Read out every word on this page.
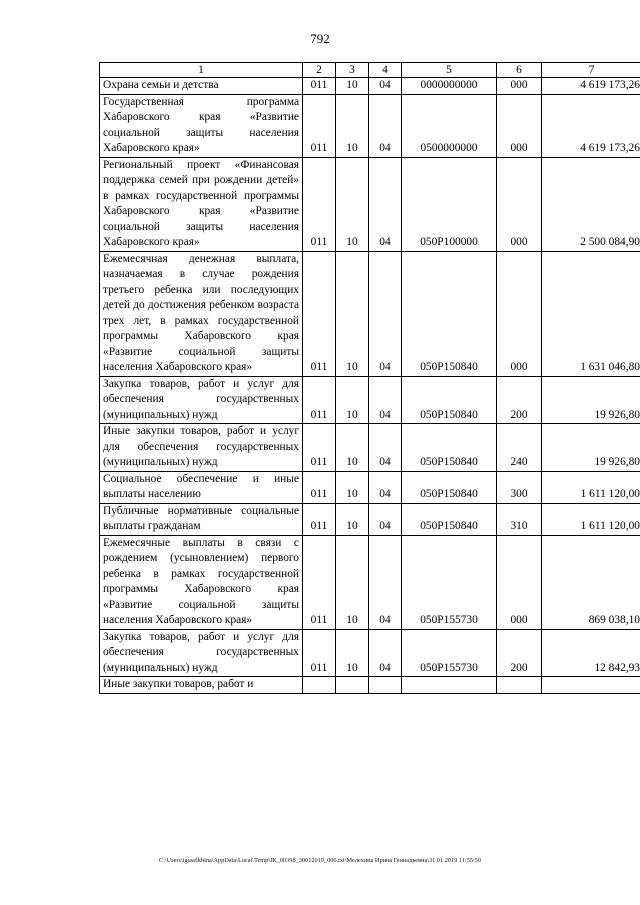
792
1	2	3	4	5	6	7
Охрана семьи и детства	011	10	04	0000000000	000	4 619 173,26
Государственная программа Хабаровского края «Развитие социальной защиты населения Хабаровского края»	011	10	04	0500000000	000	4 619 173,26
Региональный проект «Финансовая поддержка семей при рождении детей» в рамках государственной программы Хабаровского края «Развитие социальной защиты населения Хабаровского края»	011	10	04	050P100000	000	2 500 084,90
Ежемесячная денежная выплата, назначаемая в случае рождения третьего ребенка или последующих детей до достижения ребенком возраста трех лет, в рамках государственной программы Хабаровского края «Развитие социальной защиты населения Хабаровского края»	011	10	04	050P150840	000	1 631 046,80
Закупка товаров, работ и услуг для обеспечения государственных (муниципальных) нужд	011	10	04	050P150840	200	19 926,80
Иные закупки товаров, работ и услуг для обеспечения государственных (муниципальных) нужд	011	10	04	050P150840	240	19 926,80
Социальное обеспечение и иные выплаты населению	011	10	04	050P150840	300	1 611 120,00
Публичные нормативные социальные выплаты гражданам	011	10	04	050P150840	310	1 611 120,00
Ежемесячные выплаты в связи с рождением (усыновлением) первого ребенка в рамках государственной программы Хабаровского края «Развитие социальной защиты населения Хабаровского края»	011	10	04	050P155730	000	869 038,10
Закупка товаров, работ и услуг для обеспечения государственных (муниципальных) нужд	011	10	04	050P155730	200	12 842,93
Иные закупки товаров, работ и						
C:\Users\iguselkhina\AppData\Local\Temp\IK_00398_30012019_006.txt\Мелехина Ирина Геннадьевна\31.01.2019 11:55:50
